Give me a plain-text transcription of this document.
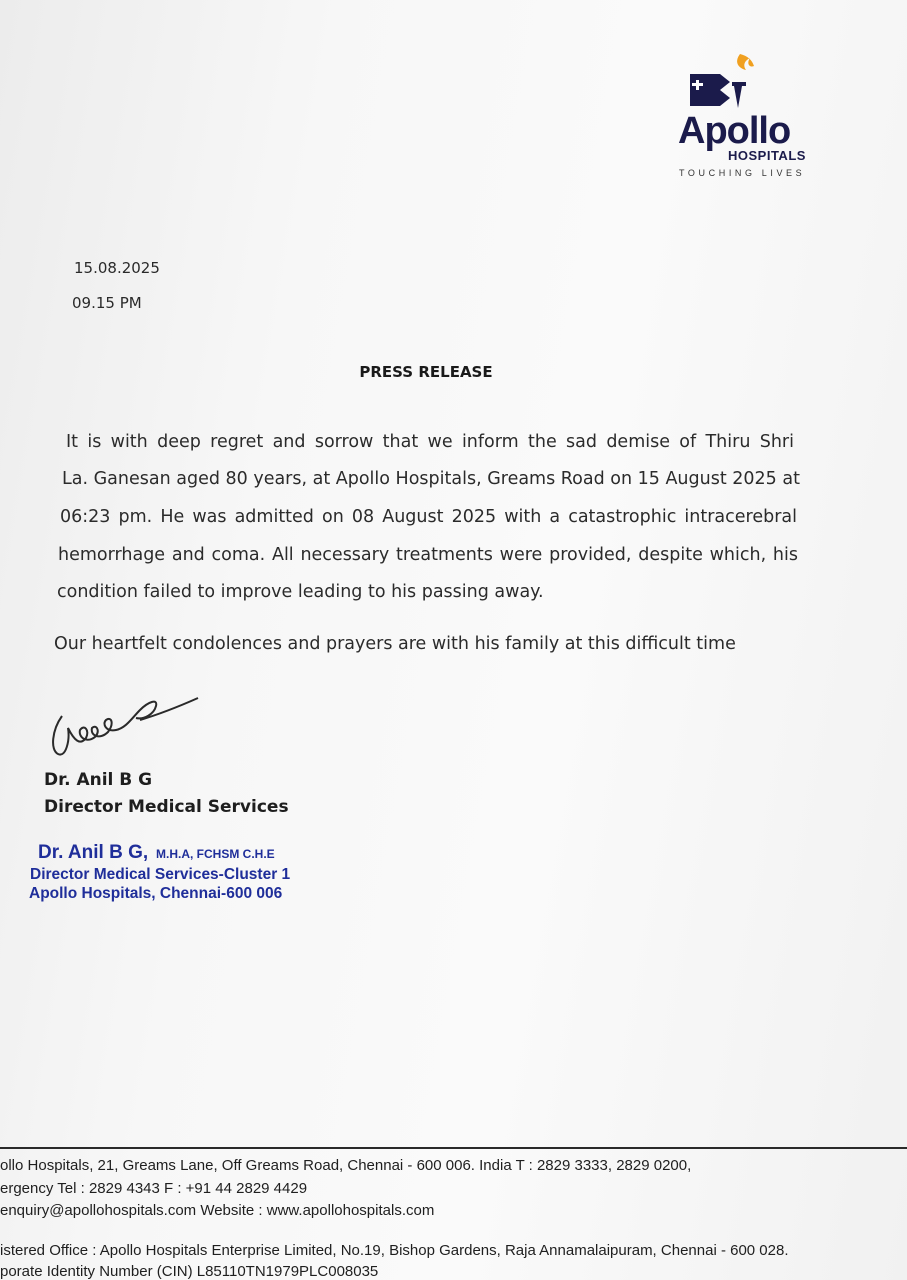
Apollo
HOSPITALS
TOUCHING LIVES
15.08.2025
09.15 PM
PRESS RELEASE
It is with deep regret and sorrow that we inform the sad demise of Thiru Shri
La. Ganesan aged 80 years, at Apollo Hospitals, Greams Road on 15 August 2025 at
06:23 pm. He was admitted on 08 August 2025 with a catastrophic intracerebral
hemorrhage and coma. All necessary treatments were provided, despite which, his
condition failed to improve leading to his passing away.
Our heartfelt condolences and prayers are with his family at this difficult time
Dr. Anil B G
Director Medical Services
Dr. Anil B G, M.H.A, FCHSM C.H.E
Director Medical Services-Cluster 1
Apollo Hospitals, Chennai-600 006
ollo Hospitals, 21, Greams Lane, Off Greams Road, Chennai - 600 006. India T : 2829 3333, 2829 0200,
ergency Tel : 2829 4343 F : +91 44 2829 4429
enquiry@apollohospitals.com Website : www.apollohospitals.com
istered Office : Apollo Hospitals Enterprise Limited, No.19, Bishop Gardens, Raja Annamalaipuram, Chennai - 600 028.
porate Identity Number (CIN) L85110TN1979PLC008035
